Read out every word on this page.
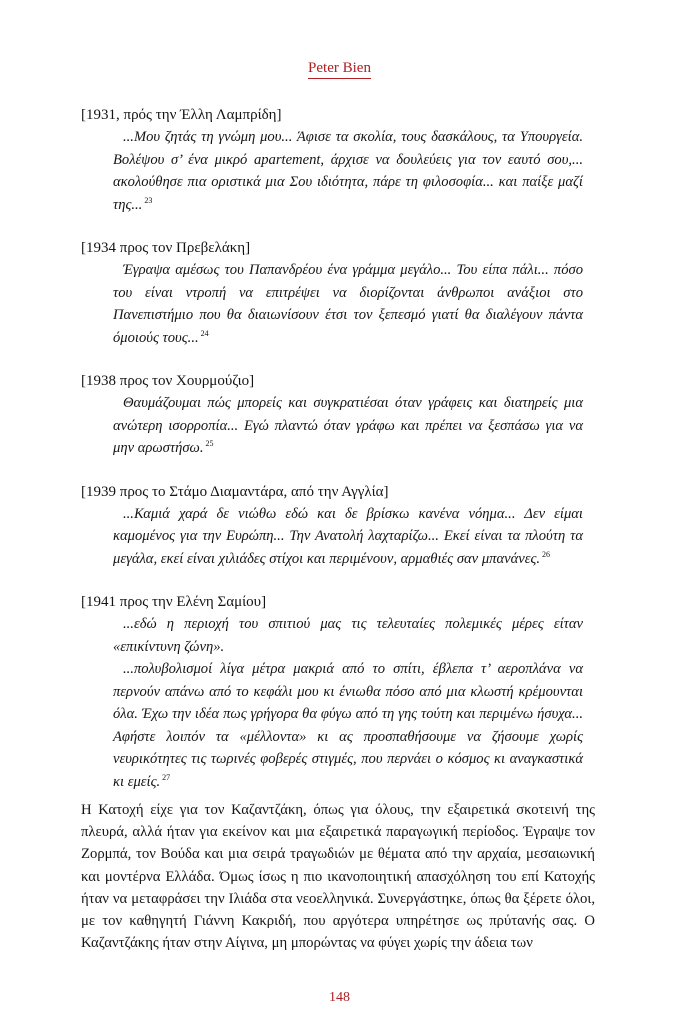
Peter Bien
[1931, πρός την Έλλη Λαμπρίδη]

...Μου ζητάς τη γνώμη μου... Άφισε τα σκολία, τους δασκάλους, τα Υπουργεία. Βολέψου σ’ ένα μικρό apartement, άρχισε να δουλεύεις για τον εαυτό σου,... ακολούθησε πια οριστικά μια Σου ιδιότητα, πάρε τη φιλοσοφία... και παίξε μαζί της... $^{23}$

[1934 προς τον Πρεβελάκη]

Έγραψα αμέσως του Παπανδρέου ένα γράμμα μεγάλο... Του είπα πάλι... πόσο του είναι ντροπή να επιτρέψει να διορίζονται άνθρωποι ανάξιοι στο Πανεπιστήμιο που θα διαιωνίσουν έτσι τον ξεπεσμό γιατί θα διαλέγουν πάντα όμοιούς τους... $^{24}$

[1938 προς τον Χουρμούζιο]

Θαυμάζουμαι πώς μπορείς και συγκρατιέσαι όταν γράφεις και διατηρείς μια ανώτερη ισορροπία... Εγώ πλαντώ όταν γράφω και πρέπει να ξεσπάσω για να μην αρωστήσω. $^{25}$

[1939 προς το Στάμο Διαμαντάρα, από την Αγγλία]

...Καμιά χαρά δε νιώθω εδώ και δε βρίσκω κανένα νόημα... Δεν είμαι καμομένος για την Ευρώπη... Την Ανατολή λαχταρίζω... Εκεί είναι τα πλούτη τα μεγάλα, εκεί είναι χιλιάδες στίχοι και περιμένουν, αρμαθιές σαν μπανάνες. $^{26}$

[1941 προς την Ελένη Σαμίου]

...εδώ η περιοχή του σπιτιού μας τις τελευταίες πολεμικές μέρες είταν «επικίντυνη ζώνη».

...πολυβολισμοί λίγα μέτρα μακριά από το σπίτι, έβλεπα τ’ αεροπλάνα να περνούν απάνω από το κεφάλι μου κι ένιωθα πόσο από μια κλωστή κρέμουνται όλα. Έχω την ιδέα πως γρήγορα θα φύγω από τη γης τούτη και περιμένω ήσυχα... Αφήστε λοιπόν τα «μέλλοντα» κι ας προσπαθήσουμε να ζήσουμε χωρίς νευρικότητες τις τωρινές φοβερές στιγμές, που περνάει ο κόσμος κι αναγκαστικά κι εμείς. $^{27}$

Η Κατοχή είχε για τον Καζαντζάκη, όπως για όλους, την εξαιρετικά σκοτεινή της πλευρά, αλλά ήταν για εκείνον και μια εξαιρετικά παραγωγική περίοδος. Έγραψε τον Ζορμπά, τον Βούδα και μια σειρά τραγωδιών με θέματα από την αρχαία, μεσαιωνική και μοντέρνα Ελλάδα. Όμως ίσως η πιο ικανοποιητική απασχόληση του επί Κατοχής ήταν να μεταφράσει την Ιλιάδα στα νεοελληνικά. Συνεργάστηκε, όπως θα ξέρετε όλοι, με τον καθηγητή Γιάννη Κακριδή, που αργότερα υπηρέτησε ως πρύτανής σας. Ο Καζαντζάκης ήταν στην Αίγινα, μη μπορώντας να φύγει χωρίς την άδεια των

148
